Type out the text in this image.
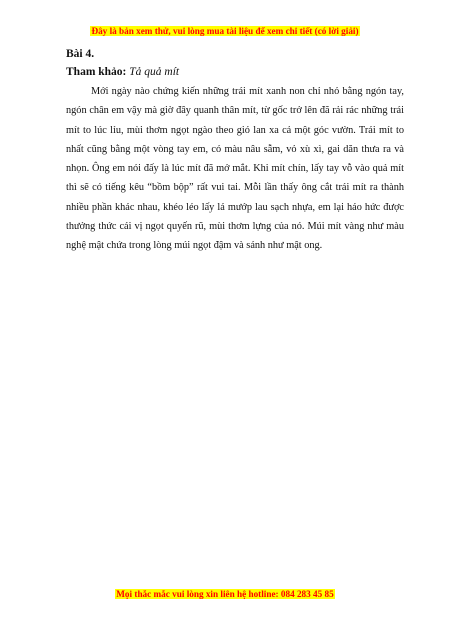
Đây là bản xem thử, vui lòng mua tài liệu để xem chi tiết (có lời giải)
Bài 4.
Tham khảo: Tả quả mít

Mới ngày nào chứng kiến những trái mít xanh non chỉ nhỏ bằng ngón tay, ngón chân em vậy mà giờ đây quanh thân mít, từ gốc trở lên đã rải rác những trái mít to lúc lỉu, mùi thơm ngọt ngào theo gió lan xa cả một góc vườn. Trái mít to nhất cũng bằng một vòng tay em, có màu nâu sẫm, vỏ xù xì, gai dăn thưa ra và nhọn. Ông em nói đấy là lúc mít đã mở mắt. Khi mít chín, lấy tay vỗ vào quả mít thì sẽ có tiếng kêu “bồm bộp” rất vui tai. Mỗi lần thấy ông cắt trái mít ra thành nhiều phần khác nhau, khéo léo lấy lá mướp lau sạch nhựa, em lại háo hức được thưởng thức cái vị ngọt quyến rũ, mùi thơm lựng của nó. Múi mít vàng như màu nghệ mật chứa trong lòng múi ngọt đậm và sánh như mật ong.

Mọi thắc mắc vui lòng xin liên hệ hotline: 084 283 45 85
